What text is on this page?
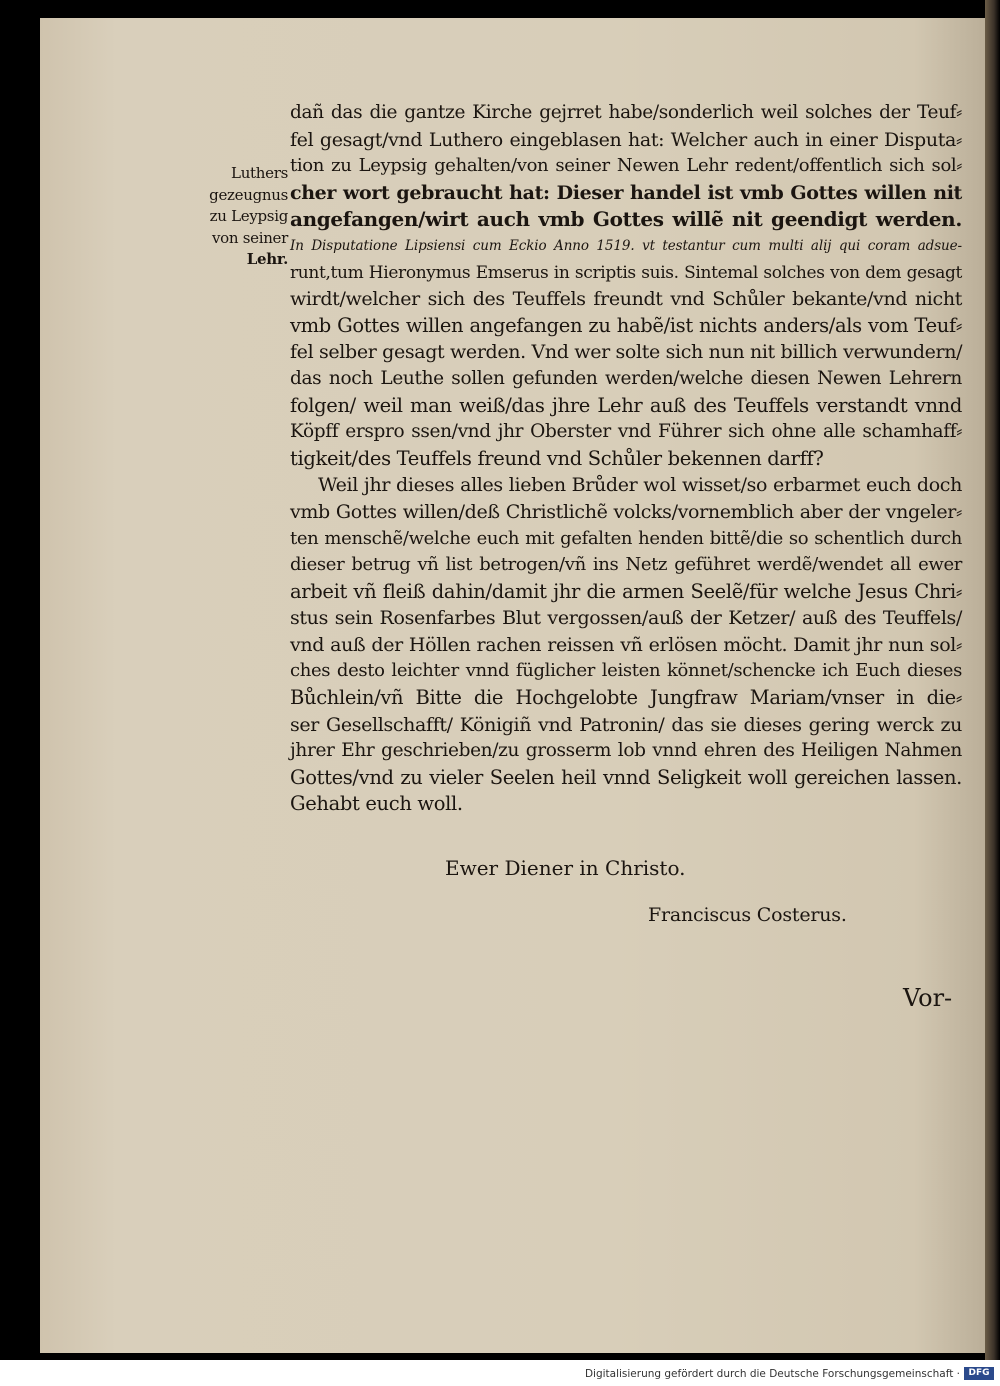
Luthers
gezeugnus
zu Leypsig
von seiner
Lehr.
dañ das die gantze Kirche gejrret habe/sonderlich weil solches der Teuf⸗
fel gesagt/vnd Luthero eingeblasen hat: Welcher auch in einer Disputa⸗
tion zu Leypsig gehalten/von seiner Newen Lehr redent/offentlich sich sol⸗
cher wort gebraucht hat: Dieser handel ist vmb Gottes willen nit
angefangen/wirt auch vmb Gottes willẽ nit geendigt werden.
In Disputatione Lipsiensi cum Eckio Anno 1519. vt testantur cum multi alij qui coram adsue-
runt,tum Hieronymus Emserus in scriptis suis. Sintemal solches von dem gesagt
wirdt/welcher sich des Teuffels freundt vnd Schůler bekante/vnd nicht
vmb Gottes willen angefangen zu habẽ/ist nichts anders/als vom Teuf⸗
fel selber gesagt werden. Vnd wer solte sich nun nit billich verwundern/
das noch Leuthe sollen gefunden werden/welche diesen Newen Lehrern
folgen/ weil man weiß/das jhre Lehr auß des Teuffels verstandt vnnd
Köpff erspro ssen/vnd jhr Oberster vnd Führer sich ohne alle schamhaff⸗
tigkeit/des Teuffels freund vnd Schůler bekennen darff?
Weil jhr dieses alles lieben Brůder wol wisset/so erbarmet euch doch
vmb Gottes willen/deß Christlichẽ volcks/vornemblich aber der vngeler⸗
ten menschẽ/welche euch mit gefalten henden bittẽ/die so schentlich durch
dieser betrug vñ list betrogen/vñ ins Netz geführet werdẽ/wendet all ewer
arbeit vñ fleiß dahin/damit jhr die armen Seelẽ/für welche Jesus Chri⸗
stus sein Rosenfarbes Blut vergossen/auß der Ketzer/ auß des Teuffels/
vnd auß der Höllen rachen reissen vñ erlösen möcht. Damit jhr nun sol⸗
ches desto leichter vnnd füglicher leisten könnet/schencke ich Euch dieses
Bůchlein/vñ Bitte die Hochgelobte Jungfraw Mariam/vnser in die⸗
ser Gesellschafft/ Königiñ vnd Patronin/ das sie dieses gering werck zu
jhrer Ehr geschrieben/zu grosserm lob vnnd ehren des Heiligen Nahmen
Gottes/vnd zu vieler Seelen heil vnnd Seligkeit woll gereichen lassen.
Gehabt euch woll.
Ewer Diener in Christo.
Franciscus Costerus.
Vor-
Digitalisierung gefördert durch die Deutsche Forschungsgemeinschaft · DFG
